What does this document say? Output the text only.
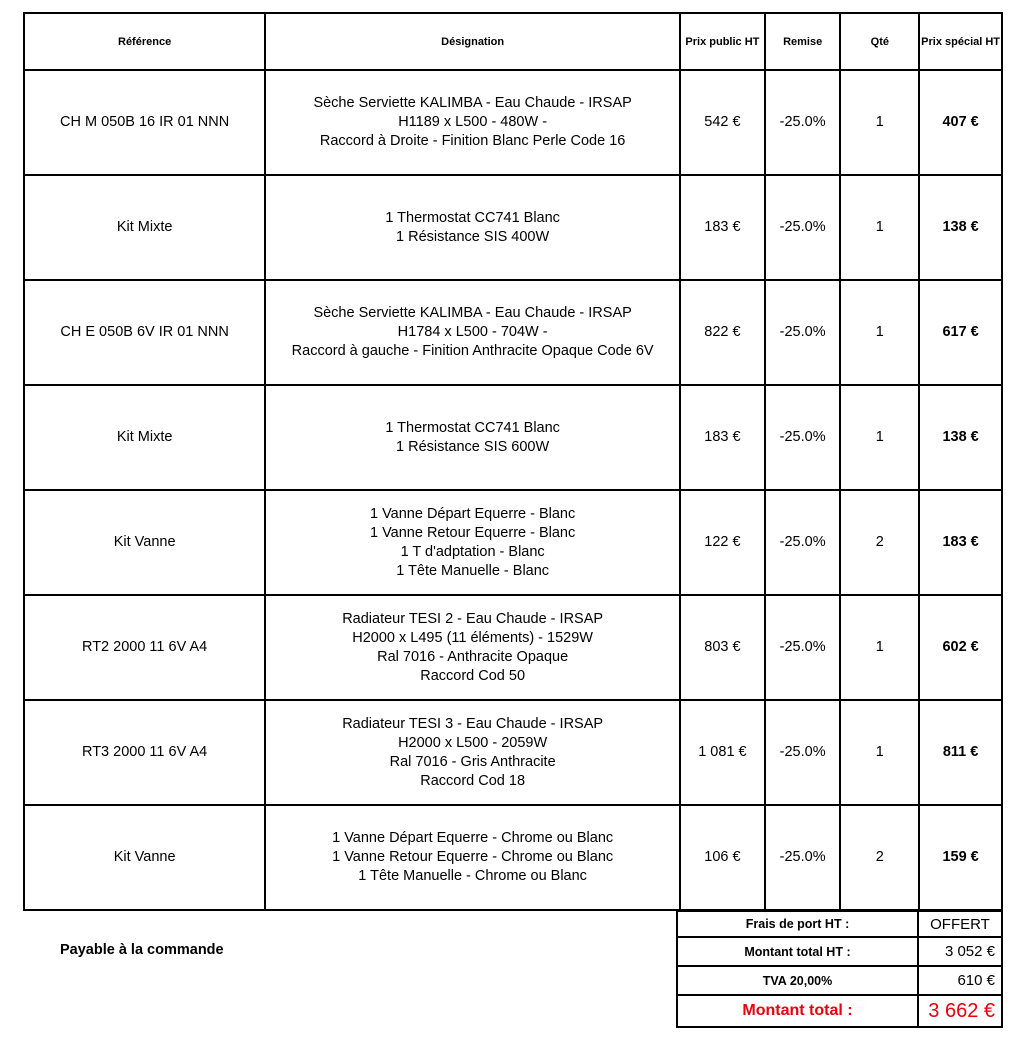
Référence	Désignation	Prix public HT	Remise	Qté	Prix spécial HT
CH M 050B 16 IR 01 NNN	Sèche Serviette KALIMBA - Eau Chaude - IRSAP
H1189 x L500 - 480W -
Raccord à Droite - Finition Blanc Perle Code 16	542 €	-25.0%	1	407 €
Kit Mixte	1 Thermostat CC741 Blanc
1 Résistance SIS 400W	183 €	-25.0%	1	138 €
CH E 050B 6V IR 01 NNN	Sèche Serviette KALIMBA - Eau Chaude - IRSAP
H1784 x L500 - 704W -
Raccord à gauche - Finition Anthracite Opaque Code 6V	822 €	-25.0%	1	617 €
Kit Mixte	1 Thermostat CC741 Blanc
1 Résistance SIS 600W	183 €	-25.0%	1	138 €
Kit Vanne	1 Vanne Départ Equerre - Blanc
1 Vanne Retour Equerre - Blanc
1 T d'adptation - Blanc
1 Tête Manuelle - Blanc	122 €	-25.0%	2	183 €
RT2 2000 11 6V A4	Radiateur TESI 2 - Eau Chaude - IRSAP
H2000 x L495 (11 éléments) - 1529W
Ral 7016 - Anthracite Opaque
Raccord Cod 50	803 €	-25.0%	1	602 €
RT3 2000 11 6V A4	Radiateur TESI 3 - Eau Chaude - IRSAP
H2000 x L500 - 2059W
Ral 7016 - Gris Anthracite
Raccord Cod 18	1 081 €	-25.0%	1	811 €
Kit Vanne	1 Vanne Départ Equerre - Chrome ou Blanc
1 Vanne Retour Equerre - Chrome ou Blanc
1 Tête Manuelle - Chrome ou Blanc	106 €	-25.0%	2	159 €
Payable à la commande
Frais de port HT :	OFFERT
Montant total HT :	3 052 €
TVA 20,00%	610 €
Montant total :	3 662 €
